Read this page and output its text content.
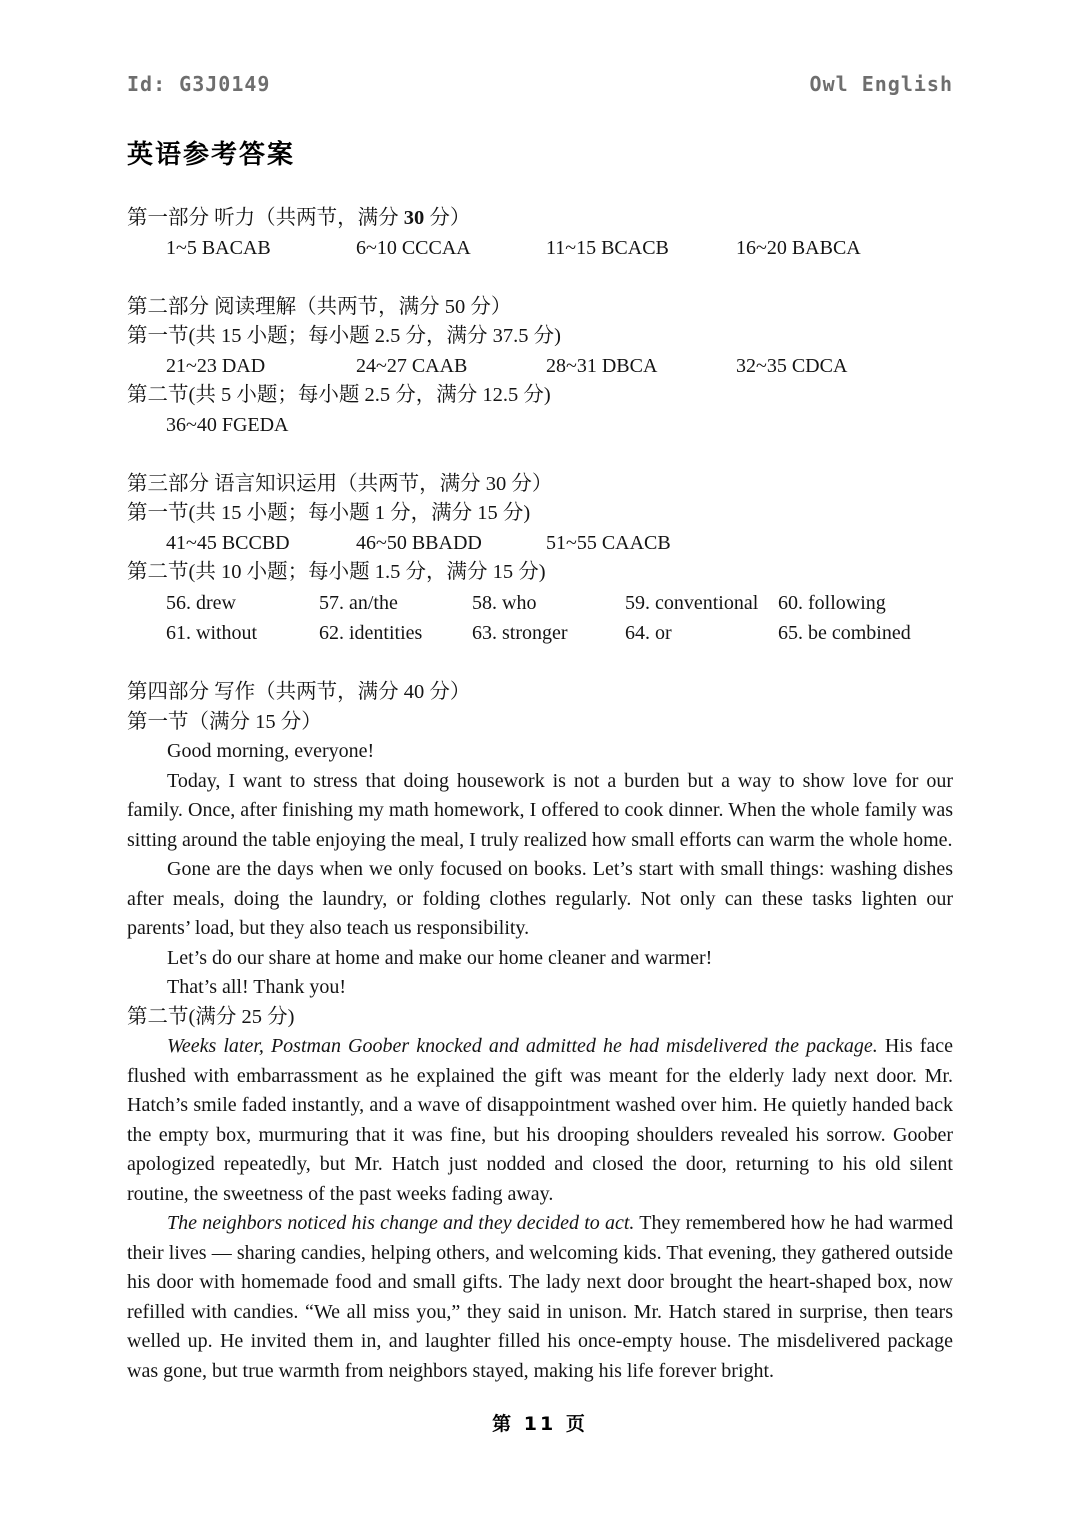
Id: G3J0149	Owl English
英语参考答案
第一部分 听力（共两节，满分 30 分）
1~5 BACAB	6~10 CCCAA	11~15 BCACB	16~20 BABCA
第二部分 阅读理解（共两节，满分 50 分）
第一节(共 15 小题；每小题 2.5 分，满分 37.5 分)
21~23 DAD	24~27 CAAB	28~31 DBCA	32~35 CDCA
第二节(共 5 小题；每小题 2.5 分，满分 12.5 分)
36~40 FGEDA
第三部分 语言知识运用（共两节，满分 30 分）
第一节(共 15 小题；每小题 1 分，满分 15 分)
41~45 BCCBD	46~50 BBADD	51~55 CAACB
第二节(共 10 小题；每小题 1.5 分，满分 15 分)
56. drew	57. an/the	58. who	59. conventional 60. following
61. without	62. identities	63. stronger	64. or	65. be combined
第四部分 写作（共两节，满分 40 分）
第一节（满分 15 分）

Good morning, everyone!

Today, I want to stress that doing housework is not a burden but a way to show love for our family. Once, after finishing my math homework, I offered to cook dinner. When the whole family was sitting around the table enjoying the meal, I truly realized how small efforts can warm the whole home.

Gone are the days when we only focused on books. Let’s start with small things: washing dishes after meals, doing the laundry, or folding clothes regularly. Not only can these tasks lighten our parents’ load, but they also teach us responsibility.

Let’s do our share at home and make our home cleaner and warmer!

That’s all! Thank you!

第二节(满分 25 分)

Weeks later, Postman Goober knocked and admitted he had misdelivered the package. His face flushed with embarrassment as he explained the gift was meant for the elderly lady next door. Mr. Hatch’s smile faded instantly, and a wave of disappointment washed over him. He quietly handed back the empty box, murmuring that it was fine, but his drooping shoulders revealed his sorrow. Goober apologized repeatedly, but Mr. Hatch just nodded and closed the door, returning to his old silent routine, the sweetness of the past weeks fading away.

The neighbors noticed his change and they decided to act. They remembered how he had warmed their lives — sharing candies, helping others, and welcoming kids. That evening, they gathered outside his door with homemade food and small gifts. The lady next door brought the heart-shaped box, now refilled with candies. “We all miss you,” they said in unison. Mr. Hatch stared in surprise, then tears welled up. He invited them in, and laughter filled his once-empty house. The misdelivered package was gone, but true warmth from neighbors stayed, making his life forever bright.

第 11 页
